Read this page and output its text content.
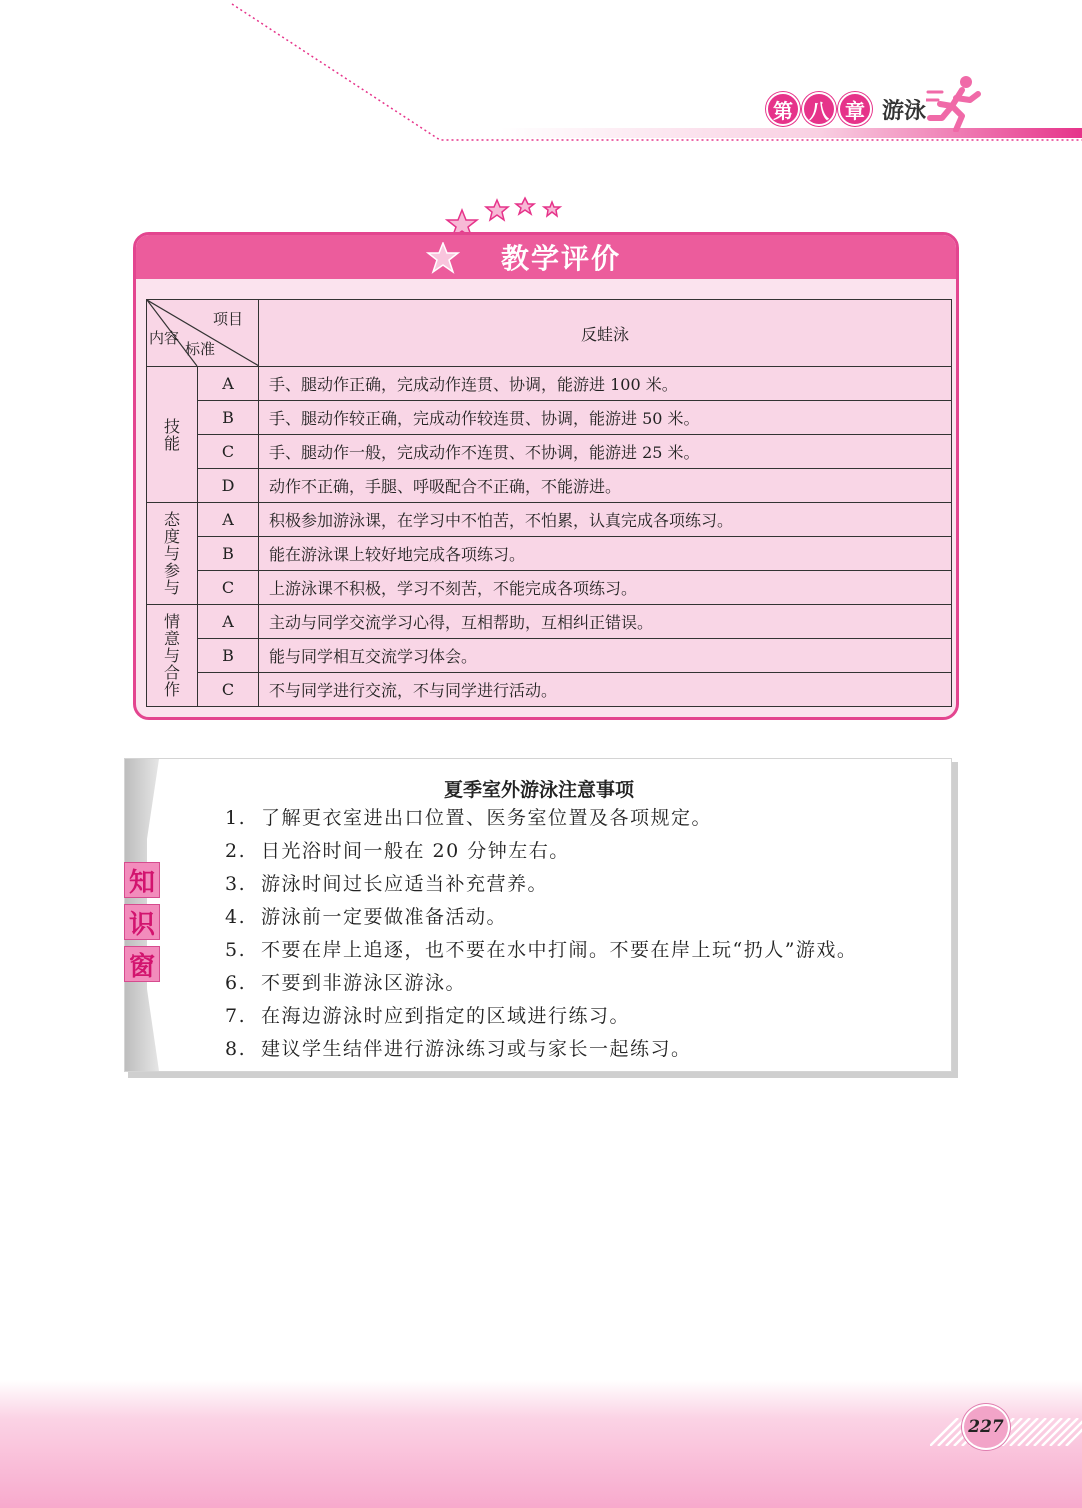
第 八 章 游泳
教学评价
项目
标准
内容		反蛙泳

技
能	A	手、腿动作正确，完成动作连贯、协调，能游进 100 米。
	B	手、腿动作较正确，完成动作较连贯、协调，能游进 50 米。
	C	手、腿动作一般，完成动作不连贯、不协调，能游进 25 米。
	D	动作不正确，手腿、呼吸配合不正确，不能游进。

态
度
与
参
与	A	积极参加游泳课，在学习中不怕苦，不怕累，认真完成各项练习。
	B	能在游泳课上较好地完成各项练习。
	C	上游泳课不积极，学习不刻苦，不能完成各项练习。

情
意
与
合
作	A	主动与同学交流学习心得，互相帮助，互相纠正错误。
	B	能与同学相互交流学习体会。
	C	不与同学进行交流，不与同学进行活动。
夏季室外游泳注意事项
1. 了解更衣室进出口位置、医务室位置及各项规定。
2. 日光浴时间一般在 20 分钟左右。
3. 游泳时间过长应适当补充营养。
4. 游泳前一定要做准备活动。
5. 不要在岸上追逐，也不要在水中打闹。不要在岸上玩“扔人”游戏。
6. 不要到非游泳区游泳。
7. 在海边游泳时应到指定的区域进行练习。
8. 建议学生结伴进行游泳练习或与家长一起练习。
知
识
窗
227
